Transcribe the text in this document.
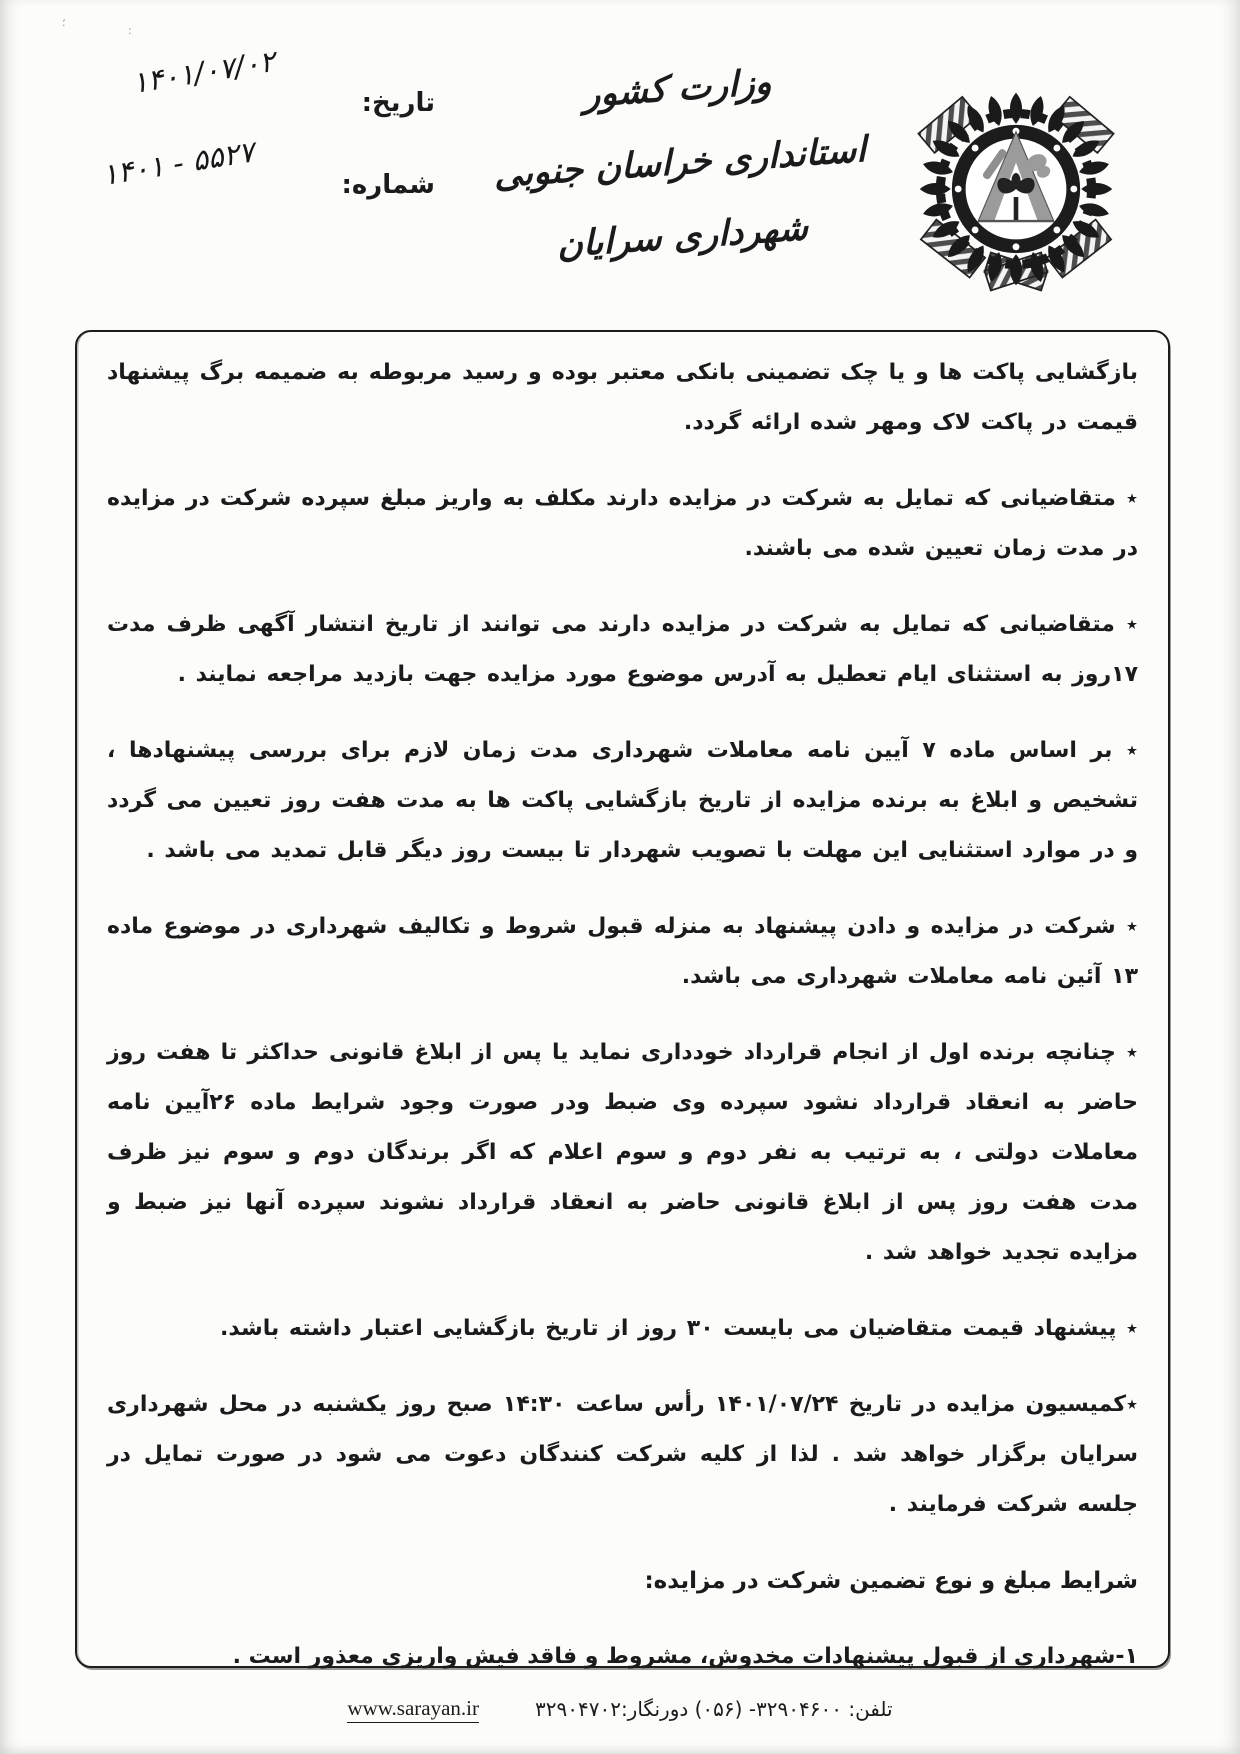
؛
:
تاریخ:
۱۴۰۱/۰۷/۰۲
شماره:
۱۴۰۱ - ۵۵۲۷
وزارت کشور
استانداری خراسان جنوبی
شهرداری سرایان

بازگشایی پاکت ها و یا چک تضمینی بانکی معتبر بوده و رسید مربوطه به ضمیمه برگ پیشنهاد قیمت در پاکت لاک ومهر شده ارائه گردد.

٭ متقاضیانی که تمایل به شرکت در مزایده دارند مکلف به واریز مبلغ سپرده شرکت در مزایده در مدت زمان تعیین شده می باشند.

٭ متقاضیانی که تمایل به شرکت در مزایده دارند می توانند از تاریخ انتشار آگهی ظرف مدت ۱۷روز به استثنای ایام تعطیل به آدرس موضوع مورد مزایده جهت بازدید مراجعه نمایند .

٭ بر اساس ماده ۷ آیین نامه معاملات شهرداری مدت زمان لازم برای بررسی پیشنهادها ، تشخیص و ابلاغ به برنده مزایده از تاریخ بازگشایی پاکت ها به مدت هفت روز تعیین می گردد و در موارد استثنایی این مهلت با تصویب شهردار تا بیست روز دیگر قابل تمدید می باشد .

٭ شرکت در مزایده و دادن پیشنهاد به منزله قبول شروط و تکالیف شهرداری در موضوع ماده ۱۳ آئین نامه معاملات شهرداری می باشد.

٭ چنانچه برنده اول از انجام قرارداد خودداری نماید یا پس از ابلاغ قانونی حداکثر تا هفت روز حاضر به انعقاد قرارداد نشود سپرده وی ضبط ودر صورت وجود شرایط ماده ۲۶آیین نامه معاملات دولتی ، به ترتیب به نفر دوم و سوم اعلام که اگر برندگان دوم و سوم نیز ظرف مدت هفت روز پس از ابلاغ قانونی حاضر به انعقاد قرارداد نشوند سپرده آنها نیز ضبط و مزایده تجدید خواهد شد .

٭ پیشنهاد قیمت متقاضیان می بایست ۳۰ روز از تاریخ بازگشایی اعتبار داشته باشد.

٭کمیسیون مزایده در تاریخ ۱۴۰۱/۰۷/۲۴ رأس ساعت ۱۴:۳۰ صبح روز یکشنبه در محل شهرداری سرایان برگزار خواهد شد . لذا از کلیه شرکت کنندگان دعوت می شود در صورت تمایل در جلسه شرکت فرمایند .

شرایط مبلغ و نوع تضمین شرکت در مزایده:
۱-شهرداری از قبول پیشنهادات مخدوش، مشروط و فاقد فیش واریزی معذور است .
تلفن: ۳۲۹۰۴۶۰۰- (۰۵۶) دورنگار:۳۲۹۰۴۷۰۲
www.sarayan.ir
